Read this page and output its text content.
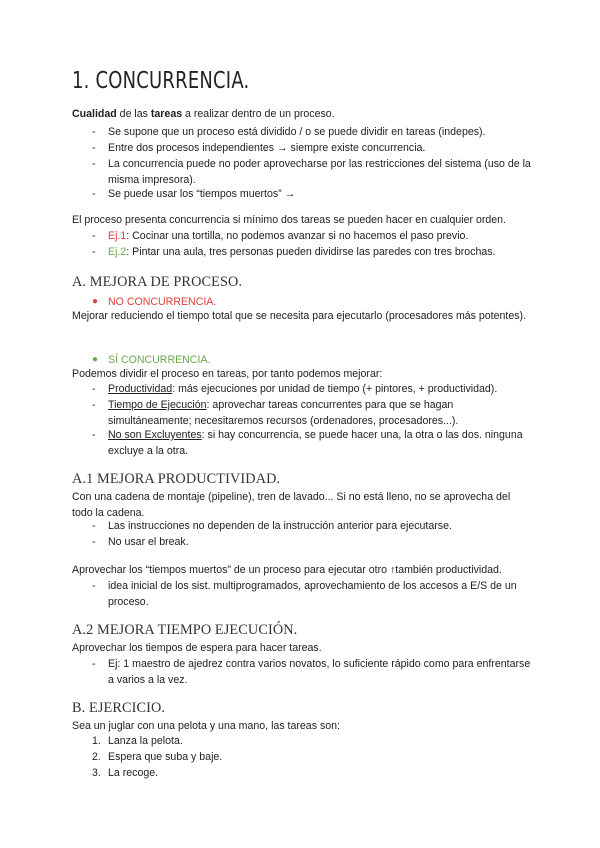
1. CONCURRENCIA.

Cualidad de las tareas a realizar dentro de un proceso.

-	Se supone que un proceso está dividido / o se puede dividir en tareas (indepes).
-	Entre dos procesos independientes → siempre existe concurrencia.
-	La concurrencia puede no poder aprovecharse por las restricciones del sistema (uso de la misma impresora).
-	Se puede usar los “tiempos muertos” →

El proceso presenta concurrencia si mínimo dos tareas se pueden hacer en cualquier orden.

-	Ej.1: Cocinar una tortilla, no podemos avanzar si no hacemos el paso previo.
-	Ej.2: Pintar una aula, tres personas pueden dividirse las paredes con tres brochas.
A. MEJORA DE PROCESO.
● NO CONCURRENCIA.

Mejorar reduciendo el tiempo total que se necesita para ejecutarlo (procesadores más potentes).

● SÍ CONCURRENCIA.

Podemos dividir el proceso en tareas, por tanto podemos mejorar:

-	Productividad: más ejecuciones por unidad de tiempo (+ pintores, + productividad).
-	Tiempo de Ejecución: aprovechar tareas concurrentes para que se hagan simultáneamente; necesitaremos recursos (ordenadores, procesadores...).
-	No son Excluyentes: si hay concurrencia, se puede hacer una, la otra o las dos. ninguna excluye a la otra.
A.1 MEJORA PRODUCTIVIDAD.

Con una cadena de montaje (pipeline), tren de lavado... Si no está lleno, no se aprovecha del todo la cadena.

-	Las instrucciones no dependen de la instrucción anterior para ejecutarse.
-	No usar el break.

Aprovechar los “tiempos muertos” de un proceso para ejecutar otro ↑también productividad.

-	idea inicial de los sist. multiprogramados, aprovechamiento de los accesos a E/S de un proceso.
A.2 MEJORA TIEMPO EJECUCIÓN.

Aprovechar los tiempos de espera para hacer tareas.

-	Ej: 1 maestro de ajedrez contra varios novatos, lo suficiente rápido como para enfrentarse a varios a la vez.
B. EJERCICIO.

Sea un juglar con una pelota y una mano, las tareas son:

1. Lanza la pelota.
2. Espera que suba y baje.
3. La recoge.
